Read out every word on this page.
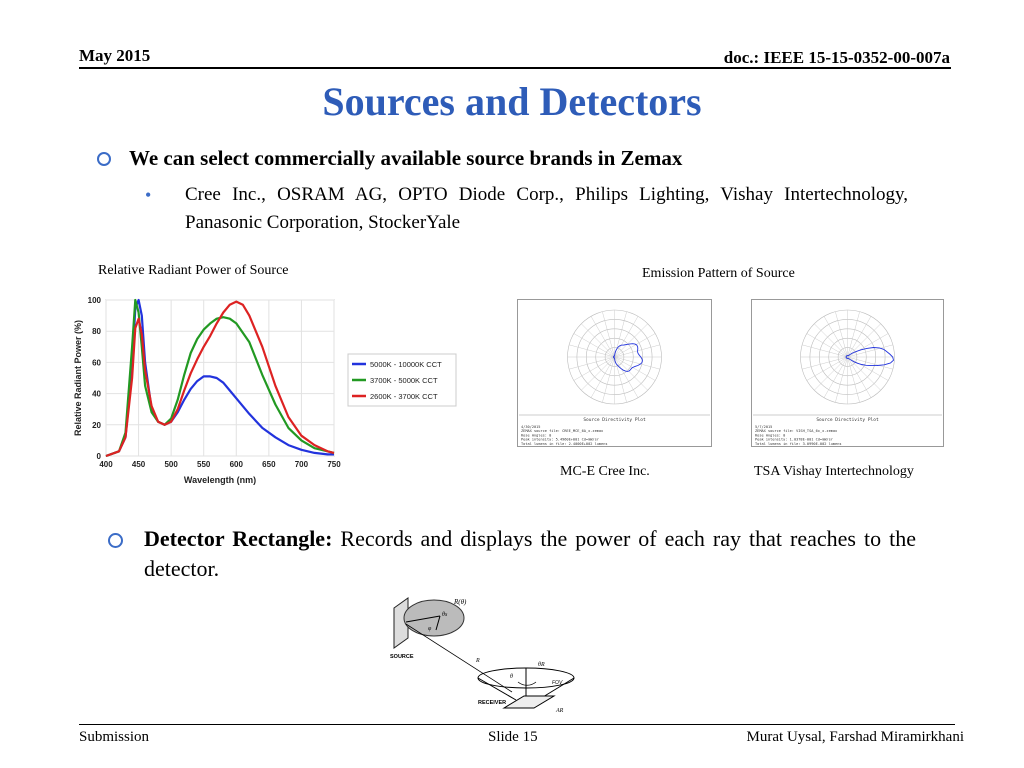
May 2015	doc.: IEEE 15-15-0352-00-007a
Sources and Detectors
We can select commercially available source brands in Zemax
• Cree Inc., OSRAM AG, OPTO Diode Corp., Philips Lighting, Vishay Intertechnology, Panasonic Corporation, StockerYale
Relative Radiant Power of Source	Emission Pattern of Source
MC-E Cree Inc.	TSA Vishay Intertechnology
400 450 500 550 600 650 700 750
0
20
40
60
80
100
Wavelength (nm)
Relative Radiant Power (%)	5000K - 10000K CCT
3700K - 5000K CCT
2600K - 3700K CCT
Source Directivity Plot
4/30/2015
ZEMAX source file: CREE_MCE_6A_x.zemax
Rose Angles: 0
Peak intensity: 5.4960E+001 Cd=mW/sr
Total lumens in file: 2.4000E+002 lumens
Source Directivity Plot
5/7/2015
ZEMAX source file: VISH_TSA_6x_x.zemax
Rose Angles: 0
Peak intensity: 1.0378E-001 Cd=mW/sr
Total lumens in file: 3.0990E-002 lumens
Detector Rectangle: Records and displays the power of each ray that reaches to the detector.
R(θ)
θs
φ
SOURCE
R
θ
θR
FOV
RECEIVER
AR
Submission	Slide 15	Murat Uysal, Farshad Miramirkhani
